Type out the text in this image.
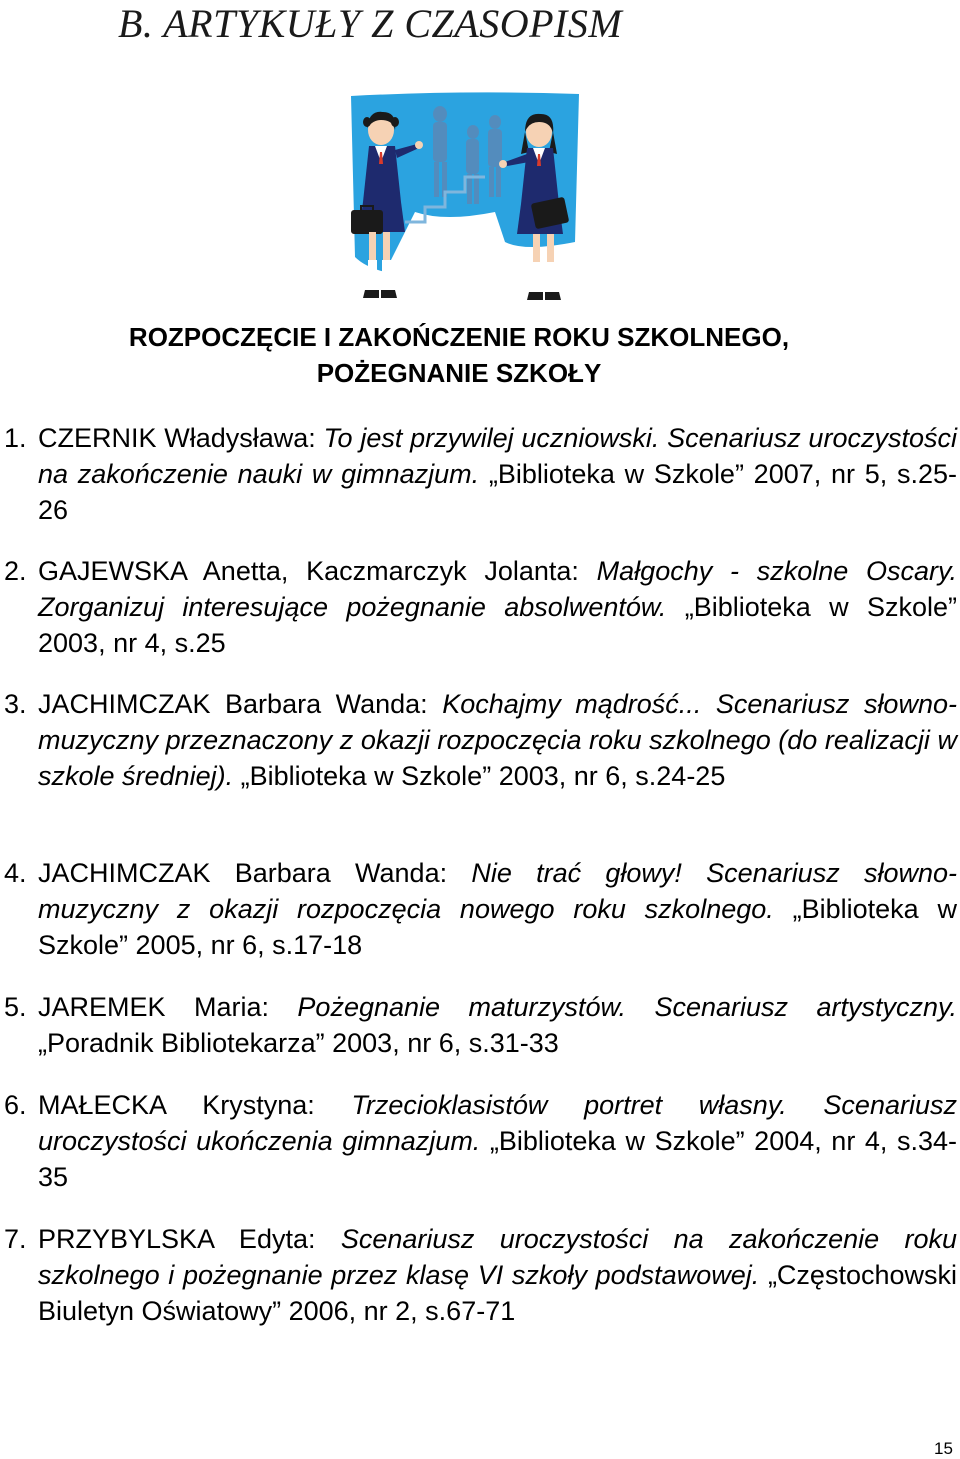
B. ARTYKUŁY Z CZASOPISM
ROZPOCZĘCIE I ZAKOŃCZENIE ROKU SZKOLNEGO,
POŻEGNANIE SZKOŁY
1. CZERNIK Władysława: To jest przywilej uczniowski. Scenariusz uroczystości na zakończenie nauki w gimnazjum. „Biblioteka w Szkole” 2007, nr 5, s.25-26
2. GAJEWSKA Anetta, Kaczmarczyk Jolanta: Małgochy - szkolne Oscary. Zorganizuj interesujące pożegnanie absolwentów. „Biblioteka w Szkole” 2003, nr 4, s.25
3. JACHIMCZAK Barbara Wanda: Kochajmy mądrość... Scenariusz słowno-muzyczny przeznaczony z okazji rozpoczęcia roku szkolnego (do realizacji w szkole średniej). „Biblioteka w Szkole” 2003, nr 6, s.24-25
4. JACHIMCZAK Barbara Wanda: Nie trać głowy! Scenariusz słowno-muzyczny z okazji rozpoczęcia nowego roku szkolnego. „Biblioteka w Szkole” 2005, nr 6, s.17-18
5. JAREMEK Maria: Pożegnanie maturzystów. Scenariusz artystyczny. „Poradnik Bibliotekarza” 2003, nr 6, s.31-33
6. MAŁECKA Krystyna: Trzecioklasistów portret własny. Scenariusz uroczystości ukończenia gimnazjum. „Biblioteka w Szkole” 2004, nr 4, s.34-35
7. PRZYBYLSKA Edyta: Scenariusz uroczystości na zakończenie roku szkolnego i pożegnanie przez klasę VI szkoły podstawowej. „Częstochowski Biuletyn Oświatowy” 2006, nr 2, s.67-71
15
